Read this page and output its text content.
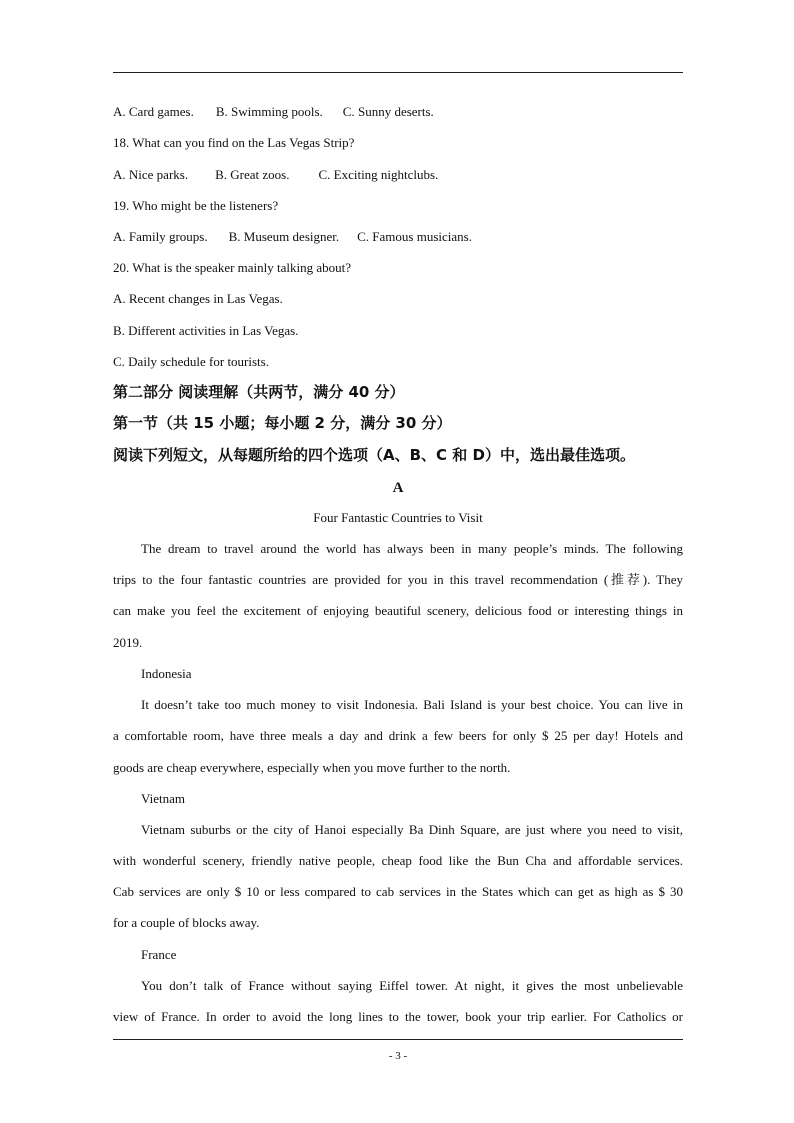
A. Card games. B. Swimming pools. C. Sunny deserts.
18. What can you find on the Las Vegas Strip?
A. Nice parks. B. Great zoos. C. Exciting nightclubs.
19. Who might be the listeners?
A. Family groups. B. Museum designer. C. Famous musicians.
20. What is the speaker mainly talking about?
A. Recent changes in Las Vegas.
B. Different activities in Las Vegas.
C. Daily schedule for tourists.
第二部分 阅读理解（共两节，满分 40 分）
第一节（共 15 小题；每小题 2 分，满分 30 分）
阅读下列短文，从每题所给的四个选项（A、B、C 和 D）中，选出最佳选项。
A
Four Fantastic Countries to Visit
The dream to travel around the world has always been in many people’s minds. The following
trips to the four fantastic countries are provided for you in this travel recommendation (推荐). They
can make you feel the excitement of enjoying beautiful scenery, delicious food or interesting things in
2019.
Indonesia
It doesn’t take too much money to visit Indonesia. Bali Island is your best choice. You can live in
a comfortable room, have three meals a day and drink a few beers for only $ 25 per day! Hotels and
goods are cheap everywhere, especially when you move further to the north.
Vietnam
Vietnam suburbs or the city of Hanoi especially Ba Dinh Square, are just where you need to visit,
with wonderful scenery, friendly native people, cheap food like the Bun Cha and affordable services.
Cab services are only $ 10 or less compared to cab services in the States which can get as high as $ 30
for a couple of blocks away.
France
You don’t talk of France without saying Eiffel tower. At night, it gives the most unbelievable
view of France. In order to avoid the long lines to the tower, book your trip earlier. For Catholics or
- 3 -
